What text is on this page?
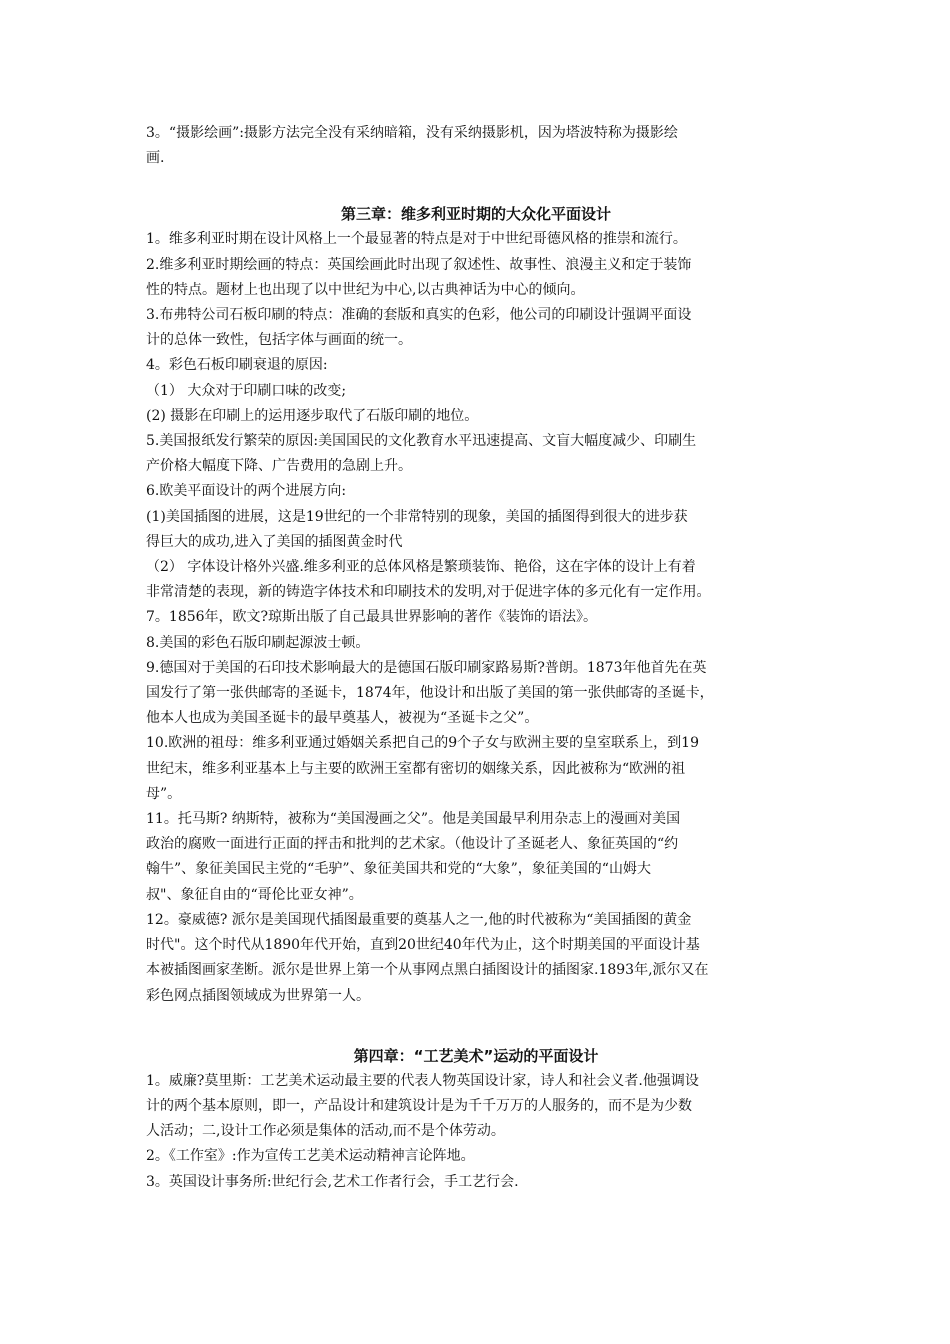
3。“摄影绘画”:摄影方法完全没有采纳暗箱，没有采纳摄影机，因为塔波特称为摄影绘

画.

第三章：维多利亚时期的大众化平面设计

1。维多利亚时期在设计风格上一个最显著的特点是对于中世纪哥德风格的推崇和流行。

2.维多利亚时期绘画的特点：英国绘画此时出现了叙述性、故事性、浪漫主义和定于装饰

性的特点。题材上也出现了以中世纪为中心,以古典神话为中心的倾向。

3.布弗特公司石板印刷的特点：准确的套版和真实的色彩，他公司的印刷设计强调平面设

计的总体一致性，包括字体与画面的统一。

4。彩色石板印刷衰退的原因:

（1） 大众对于印刷口味的改变;

(2) 摄影在印刷上的运用逐步取代了石版印刷的地位。

5.美国报纸发行繁荣的原因:美国国民的文化教育水平迅速提高、文盲大幅度减少、印刷生

产价格大幅度下降、广告费用的急剧上升。

6.欧美平面设计的两个进展方向:

(1)美国插图的进展，这是19世纪的一个非常特别的现象，美国的插图得到很大的进步获

得巨大的成功,进入了美国的插图黄金时代

（2） 字体设计格外兴盛.维多利亚的总体风格是繁琐装饰、艳俗，这在字体的设计上有着

非常清楚的表现，新的铸造字体技术和印刷技术的发明,对于促进字体的多元化有一定作用。

7。1856年，欧文?琼斯出版了自己最具世界影响的著作《装饰的语法》。

8.美国的彩色石版印刷起源波士顿。

9.德国对于美国的石印技术影响最大的是德国石版印刷家路易斯?普朗。1873年他首先在英

国发行了第一张供邮寄的圣诞卡，1874年，他设计和出版了美国的第一张供邮寄的圣诞卡，

他本人也成为美国圣诞卡的最早奠基人，被视为“圣诞卡之父”。

10.欧洲的祖母：维多利亚通过婚姻关系把自己的9个子女与欧洲主要的皇室联系上，到19

世纪末，维多利亚基本上与主要的欧洲王室都有密切的姻缘关系，因此被称为“欧洲的祖

母”。

11。托马斯? 纳斯特，被称为“美国漫画之父”。他是美国最早利用杂志上的漫画对美国

政治的腐败一面进行正面的抨击和批判的艺术家。（他设计了圣诞老人、象征英国的“约

翰牛”、象征美国民主党的“毛驴”、象征美国共和党的“大象”，象征美国的“山姆大

叔"、象征自由的“哥伦比亚女神”。

12。豪威德? 派尔是美国现代插图最重要的奠基人之一,他的时代被称为“美国插图的黄金

时代"。这个时代从1890年代开始，直到20世纪40年代为止，这个时期美国的平面设计基

本被插图画家垄断。派尔是世界上第一个从事网点黑白插图设计的插图家.1893年,派尔又在

彩色网点插图领域成为世界第一人。

第四章：“工艺美术”运动的平面设计

1。威廉?莫里斯：工艺美术运动最主要的代表人物英国设计家，诗人和社会义者.他强调设

计的两个基本原则，即一，产品设计和建筑设计是为千千万万的人服务的，而不是为少数

人活动；二,设计工作必须是集体的活动,而不是个体劳动。

2。《工作室》:作为宣传工艺美术运动精神言论阵地。

3。英国设计事务所:世纪行会,艺术工作者行会，手工艺行会.
